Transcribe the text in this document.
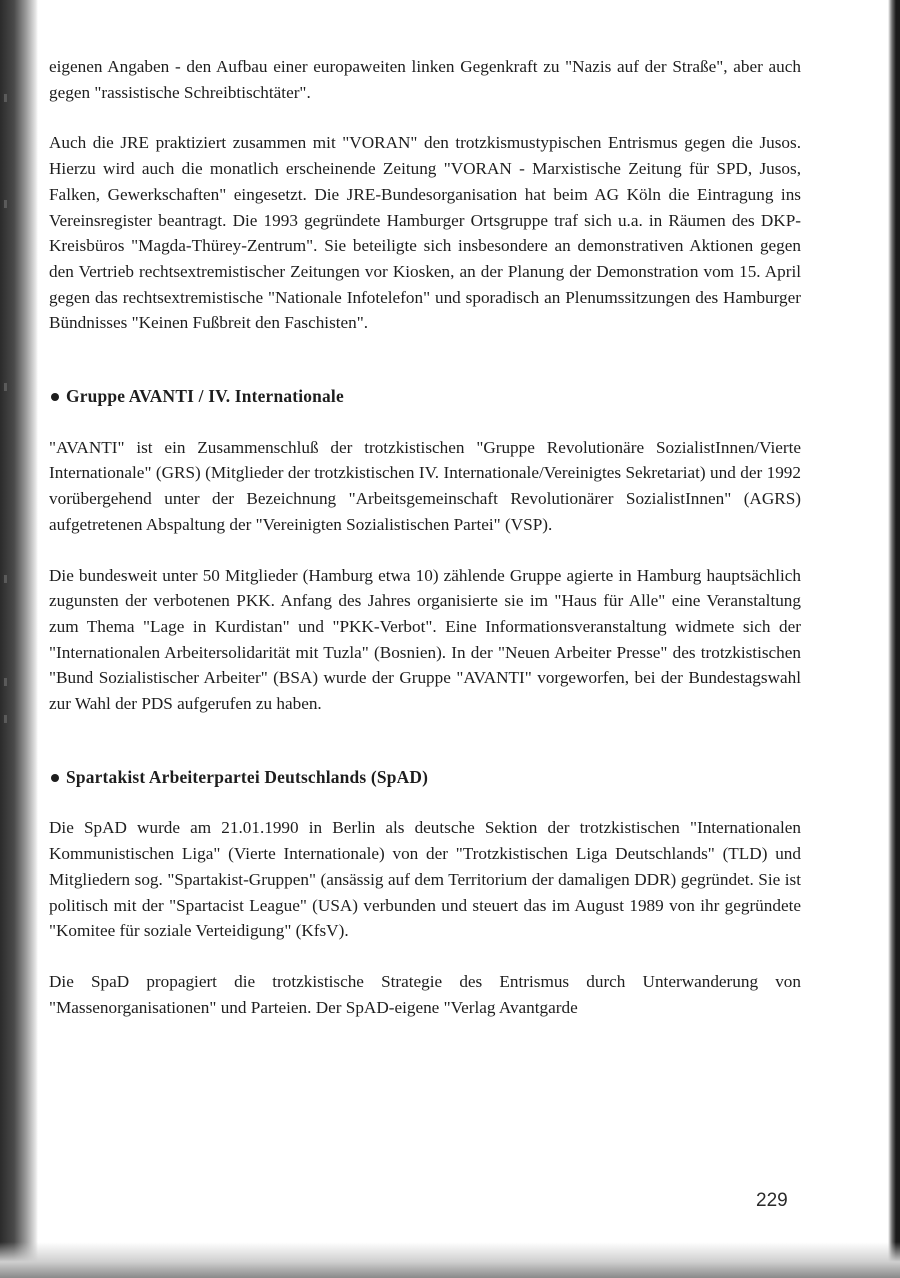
eigenen Angaben - den Aufbau einer europaweiten linken Gegenkraft zu "Nazis auf der Straße", aber auch gegen "rassistische Schreibtischtäter".

Auch die JRE praktiziert zusammen mit "VORAN" den trotzkismustypischen Entrismus gegen die Jusos. Hierzu wird auch die monatlich erscheinende Zeitung "VORAN - Marxistische Zeitung für SPD, Jusos, Falken, Gewerkschaften" eingesetzt. Die JRE-Bundesorganisation hat beim AG Köln die Eintragung ins Vereinsregister beantragt. Die 1993 gegründete Hamburger Ortsgruppe traf sich u.a. in Räumen des DKP-Kreisbüros "Magda-Thürey-Zentrum". Sie beteiligte sich insbesondere an demonstrativen Aktionen gegen den Vertrieb rechtsextremistischer Zeitungen vor Kiosken, an der Planung der Demonstration vom 15. April gegen das rechtsextremistische "Nationale Infotelefon" und sporadisch an Plenumssitzungen des Hamburger Bündnisses "Keinen Fußbreit den Faschisten".

Gruppe AVANTI / IV. Internationale

"AVANTI" ist ein Zusammenschluß der trotzkistischen "Gruppe Revolutionäre SozialistInnen/Vierte Internationale" (GRS) (Mitglieder der trotzkistischen IV. Internationale/Vereinigtes Sekretariat) und der 1992 vorübergehend unter der Bezeichnung "Arbeitsgemeinschaft Revolutionärer SozialistInnen" (AGRS) aufgetretenen Abspaltung der "Vereinigten Sozialistischen Partei" (VSP).

Die bundesweit unter 50 Mitglieder (Hamburg etwa 10) zählende Gruppe agierte in Hamburg hauptsächlich zugunsten der verbotenen PKK. Anfang des Jahres organisierte sie im "Haus für Alle" eine Veranstaltung zum Thema "Lage in Kurdistan" und "PKK-Verbot". Eine Informationsveranstaltung widmete sich der "Internationalen Arbeitersolidarität mit Tuzla" (Bosnien). In der "Neuen Arbeiter Presse" des trotzkistischen "Bund Sozialistischer Arbeiter" (BSA) wurde der Gruppe "AVANTI" vorgeworfen, bei der Bundestagswahl zur Wahl der PDS aufgerufen zu haben.

Spartakist Arbeiterpartei Deutschlands (SpAD)

Die SpAD wurde am 21.01.1990 in Berlin als deutsche Sektion der trotzkistischen "Internationalen Kommunistischen Liga" (Vierte Internationale) von der "Trotzkistischen Liga Deutschlands" (TLD) und Mitgliedern sog. "Spartakist-Gruppen" (ansässig auf dem Territorium der damaligen DDR) gegründet. Sie ist politisch mit der "Spartacist League" (USA) verbunden und steuert das im August 1989 von ihr gegründete "Komitee für soziale Verteidigung" (KfsV).

Die SpaD propagiert die trotzkistische Strategie des Entrismus durch Unterwanderung von "Massenorganisationen" und Parteien. Der SpAD-eigene "Verlag Avantgarde

229
